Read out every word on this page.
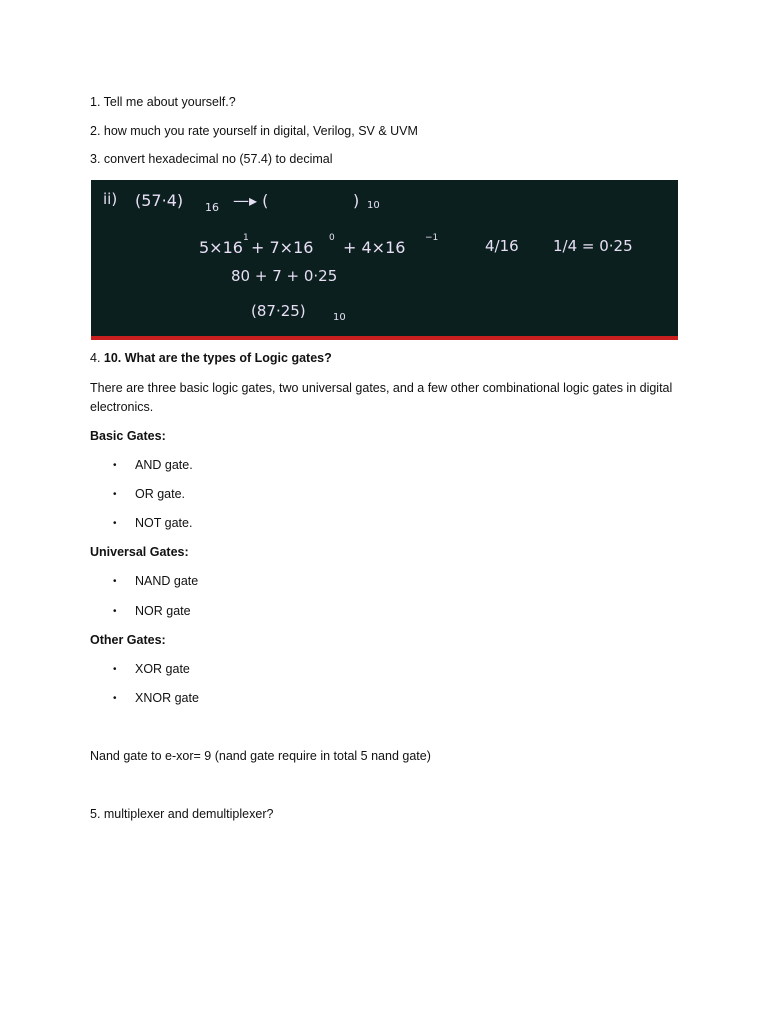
1. Tell me about yourself.?

2. how much you rate yourself in digital, Verilog, SV & UVM

3. convert hexadecimal no (57.4) to decimal

ii) (57·4) 16 —▸ (	) 10
5×16 1 + 7×16 0 + 4×16 −1	4/16 1/4 = 0·25
80 + 7 + 0·25
(87·25)	10

4. 10. What are the types of Logic gates?

There are three basic logic gates, two universal gates, and a few other combinational logic gates in digital electronics.

Basic Gates:

• AND gate.
• OR gate.
• NOT gate.

Universal Gates:

• NAND gate
• NOR gate

Other Gates:

• XOR gate
• XNOR gate

Nand gate to e-xor= 9 (nand gate require in total 5 nand gate)

5. multiplexer and demultiplexer?
